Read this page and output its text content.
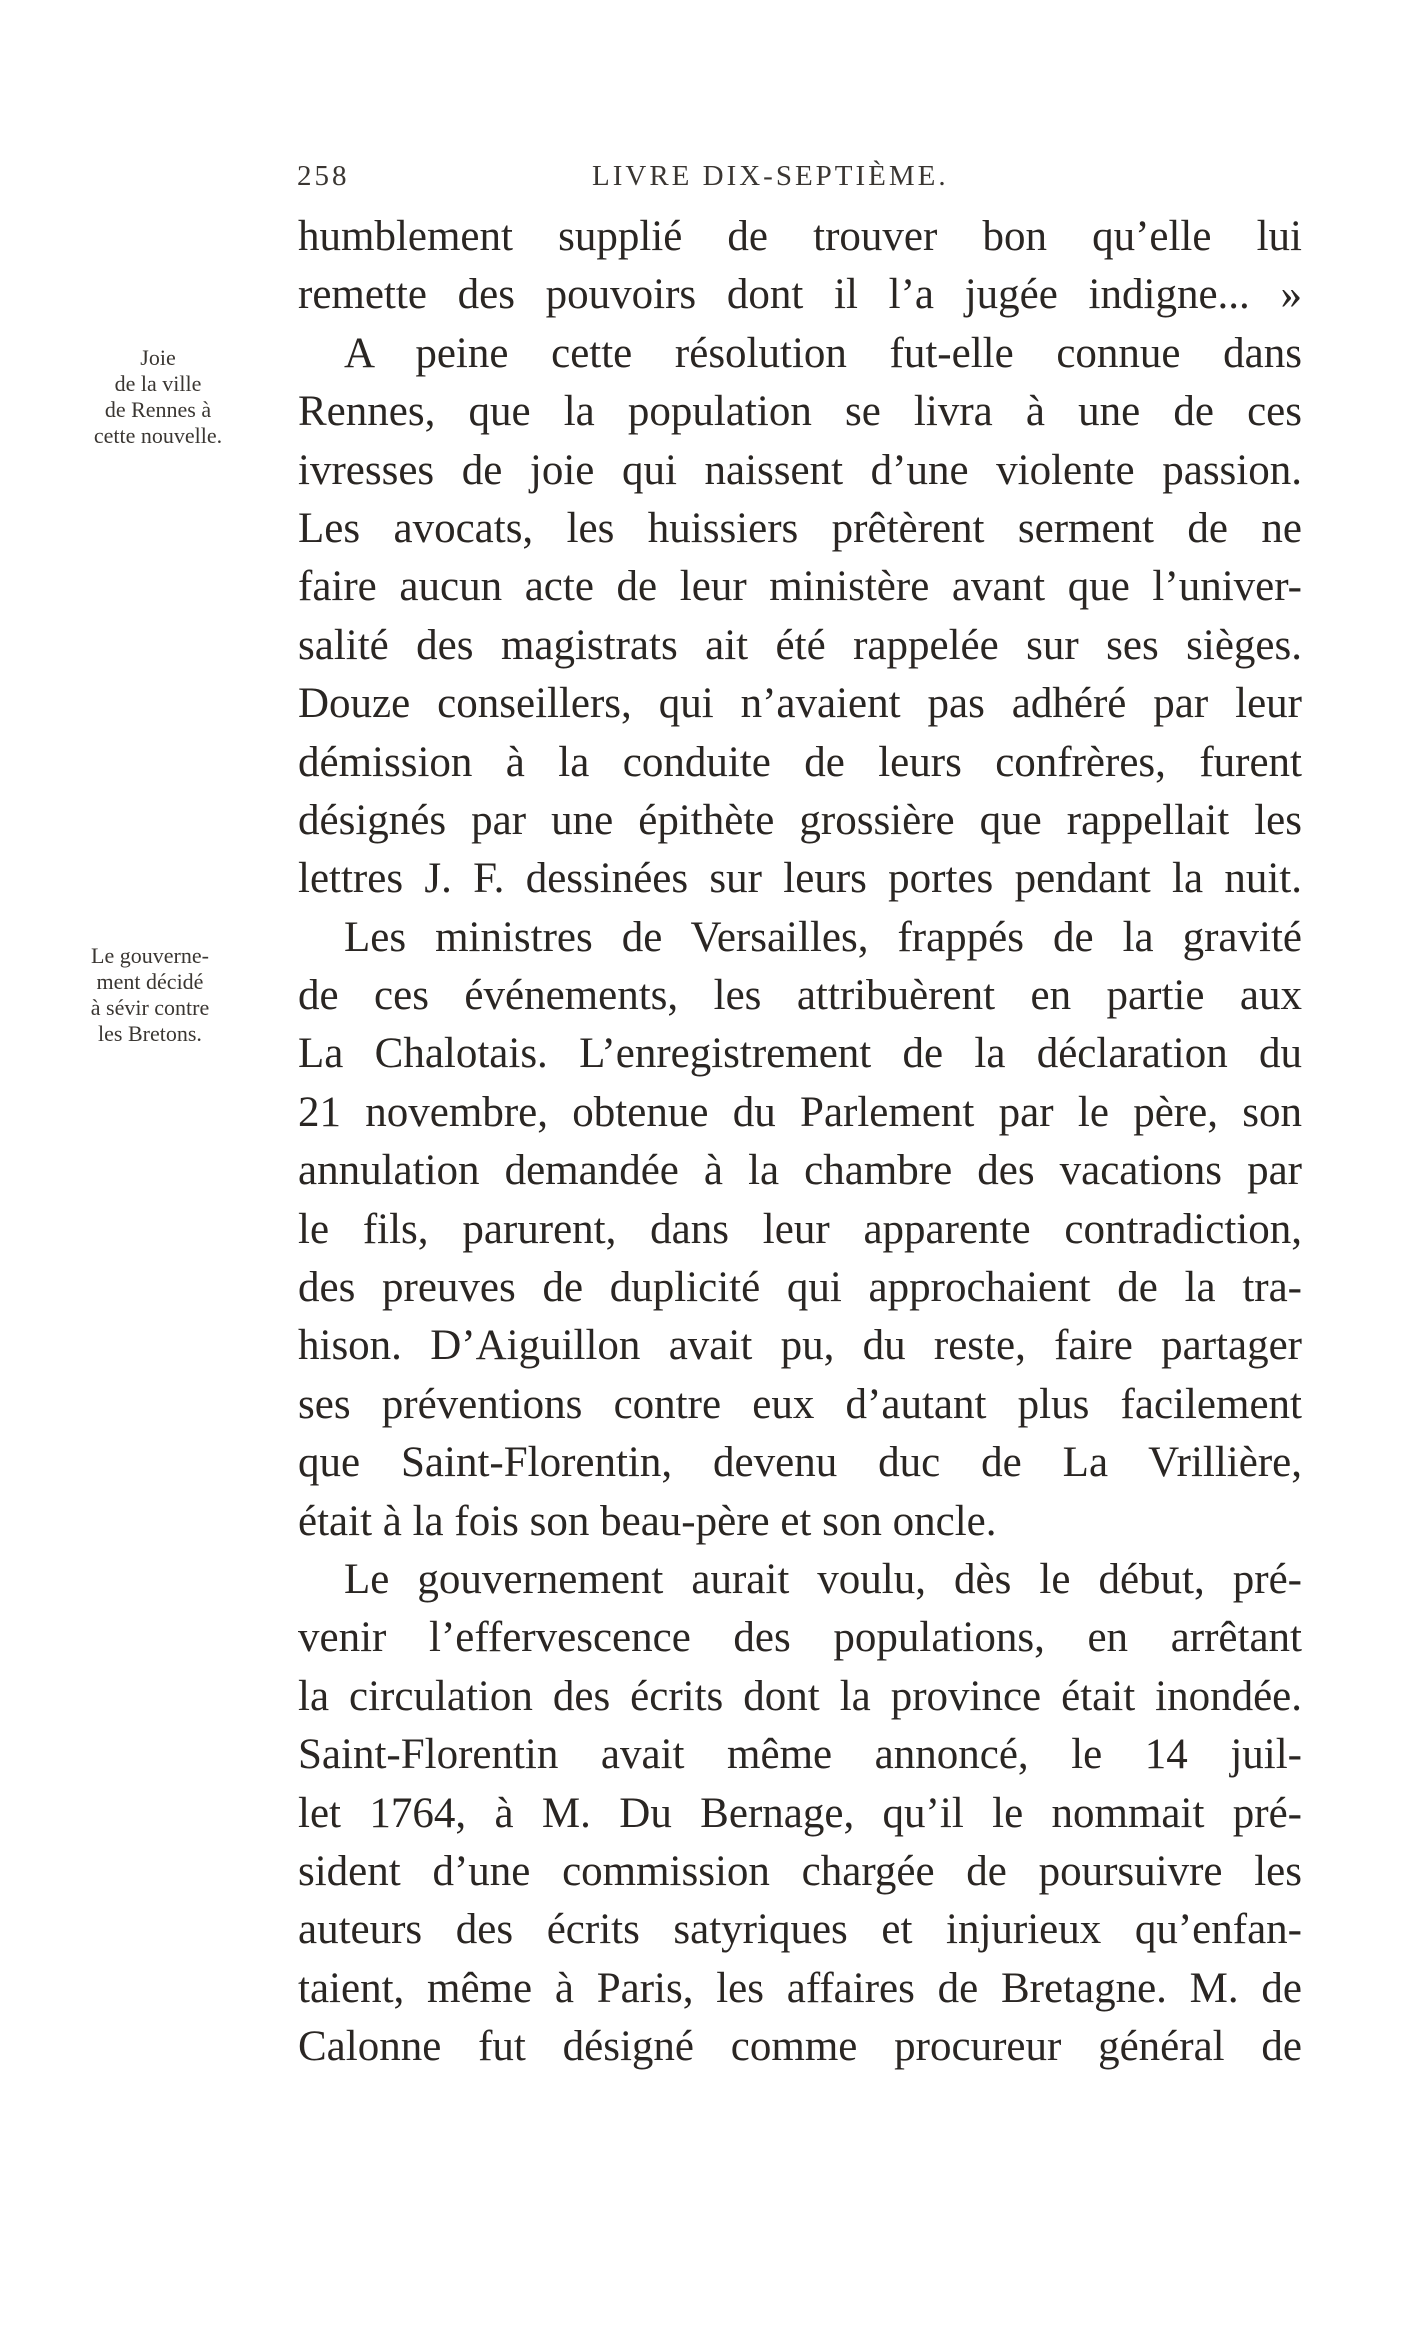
258	LIVRE DIX-SEPTIÈME.
Joie
de la ville
de Rennes à
cette nouvelle.
Le gouverne-
ment décidé
à sévir contre
les Bretons.
humblement supplié de trouver bon qu’elle lui
remette des pouvoirs dont il l’a jugée indigne... »
A peine cette résolution fut-elle connue dans
Rennes, que la population se livra à une de ces
ivresses de joie qui naissent d’une violente passion.
Les avocats, les huissiers prêtèrent serment de ne
faire aucun acte de leur ministère avant que l’univer-
salité des magistrats ait été rappelée sur ses sièges.
Douze conseillers, qui n’avaient pas adhéré par leur
démission à la conduite de leurs confrères, furent
désignés par une épithète grossière que rappellait les
lettres J. F. dessinées sur leurs portes pendant la nuit.
Les ministres de Versailles, frappés de la gravité
de ces événements, les attribuèrent en partie aux
La Chalotais. L’enregistrement de la déclaration du
21 novembre, obtenue du Parlement par le père, son
annulation demandée à la chambre des vacations par
le fils, parurent, dans leur apparente contradiction,
des preuves de duplicité qui approchaient de la tra-
hison. D’Aiguillon avait pu, du reste, faire partager
ses préventions contre eux d’autant plus facilement
que Saint-Florentin, devenu duc de La Vrillière,
était à la fois son beau-père et son oncle.
Le gouvernement aurait voulu, dès le début, pré-
venir l’effervescence des populations, en arrêtant
la circulation des écrits dont la province était inondée.
Saint-Florentin avait même annoncé, le 14 juil-
let 1764, à M. Du Bernage, qu’il le nommait pré-
sident d’une commission chargée de poursuivre les
auteurs des écrits satyriques et injurieux qu’enfan-
taient, même à Paris, les affaires de Bretagne. M. de
Calonne fut désigné comme procureur général de
